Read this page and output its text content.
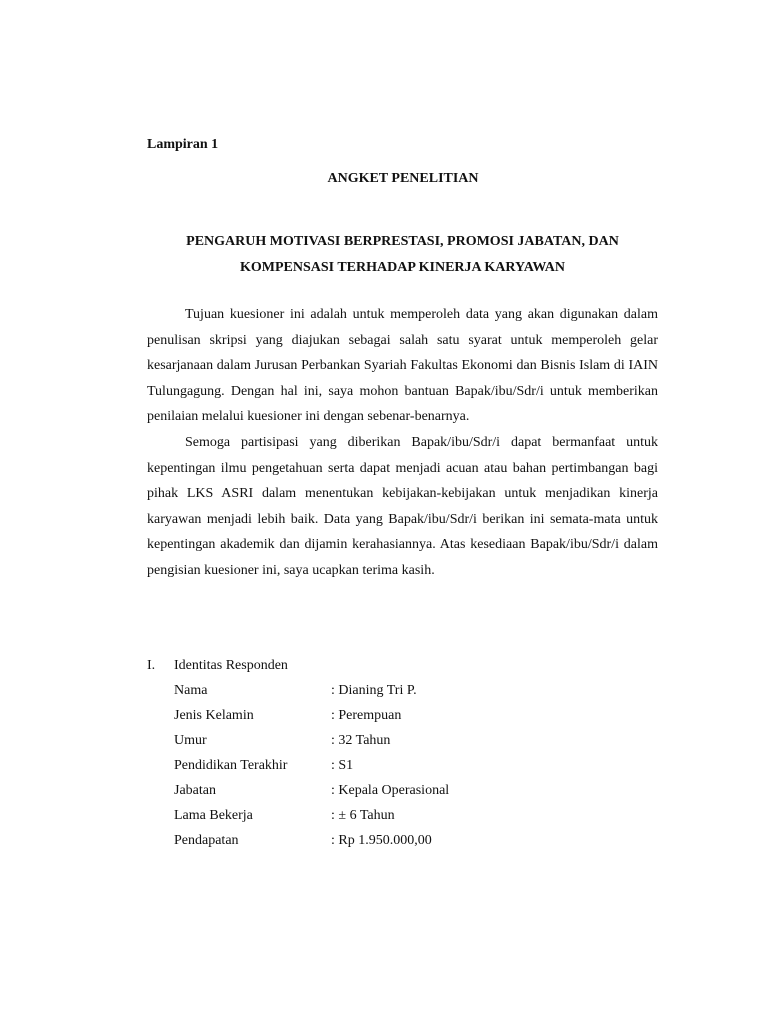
Lampiran 1
ANGKET PENELITIAN
PENGARUH MOTIVASI BERPRESTASI, PROMOSI JABATAN, DAN
KOMPENSASI TERHADAP KINERJA KARYAWAN

Tujuan kuesioner ini adalah untuk memperoleh data yang akan digunakan dalam penulisan skripsi yang diajukan sebagai salah satu syarat untuk memperoleh gelar kesarjanaan dalam Jurusan Perbankan Syariah Fakultas Ekonomi dan Bisnis Islam di IAIN Tulungagung. Dengan hal ini, saya mohon bantuan Bapak/ibu/Sdr/i untuk memberikan penilaian melalui kuesioner ini dengan sebenar-benarnya.

Semoga partisipasi yang diberikan Bapak/ibu/Sdr/i dapat bermanfaat untuk kepentingan ilmu pengetahuan serta dapat menjadi acuan atau bahan pertimbangan bagi pihak LKS ASRI dalam menentukan kebijakan-kebijakan untuk menjadikan kinerja karyawan menjadi lebih baik. Data yang Bapak/ibu/Sdr/i berikan ini semata-mata untuk kepentingan akademik dan dijamin kerahasiannya. Atas kesediaan Bapak/ibu/Sdr/i dalam pengisian kuesioner ini, saya ucapkan terima kasih.

I.	Identitas Responden
Nama	: Dianing Tri P.
Jenis Kelamin	: Perempuan
Umur	: 32 Tahun
Pendidikan Terakhir	: S1
Jabatan	: Kepala Operasional
Lama Bekerja	: ± 6 Tahun
Pendapatan	: Rp 1.950.000,00
